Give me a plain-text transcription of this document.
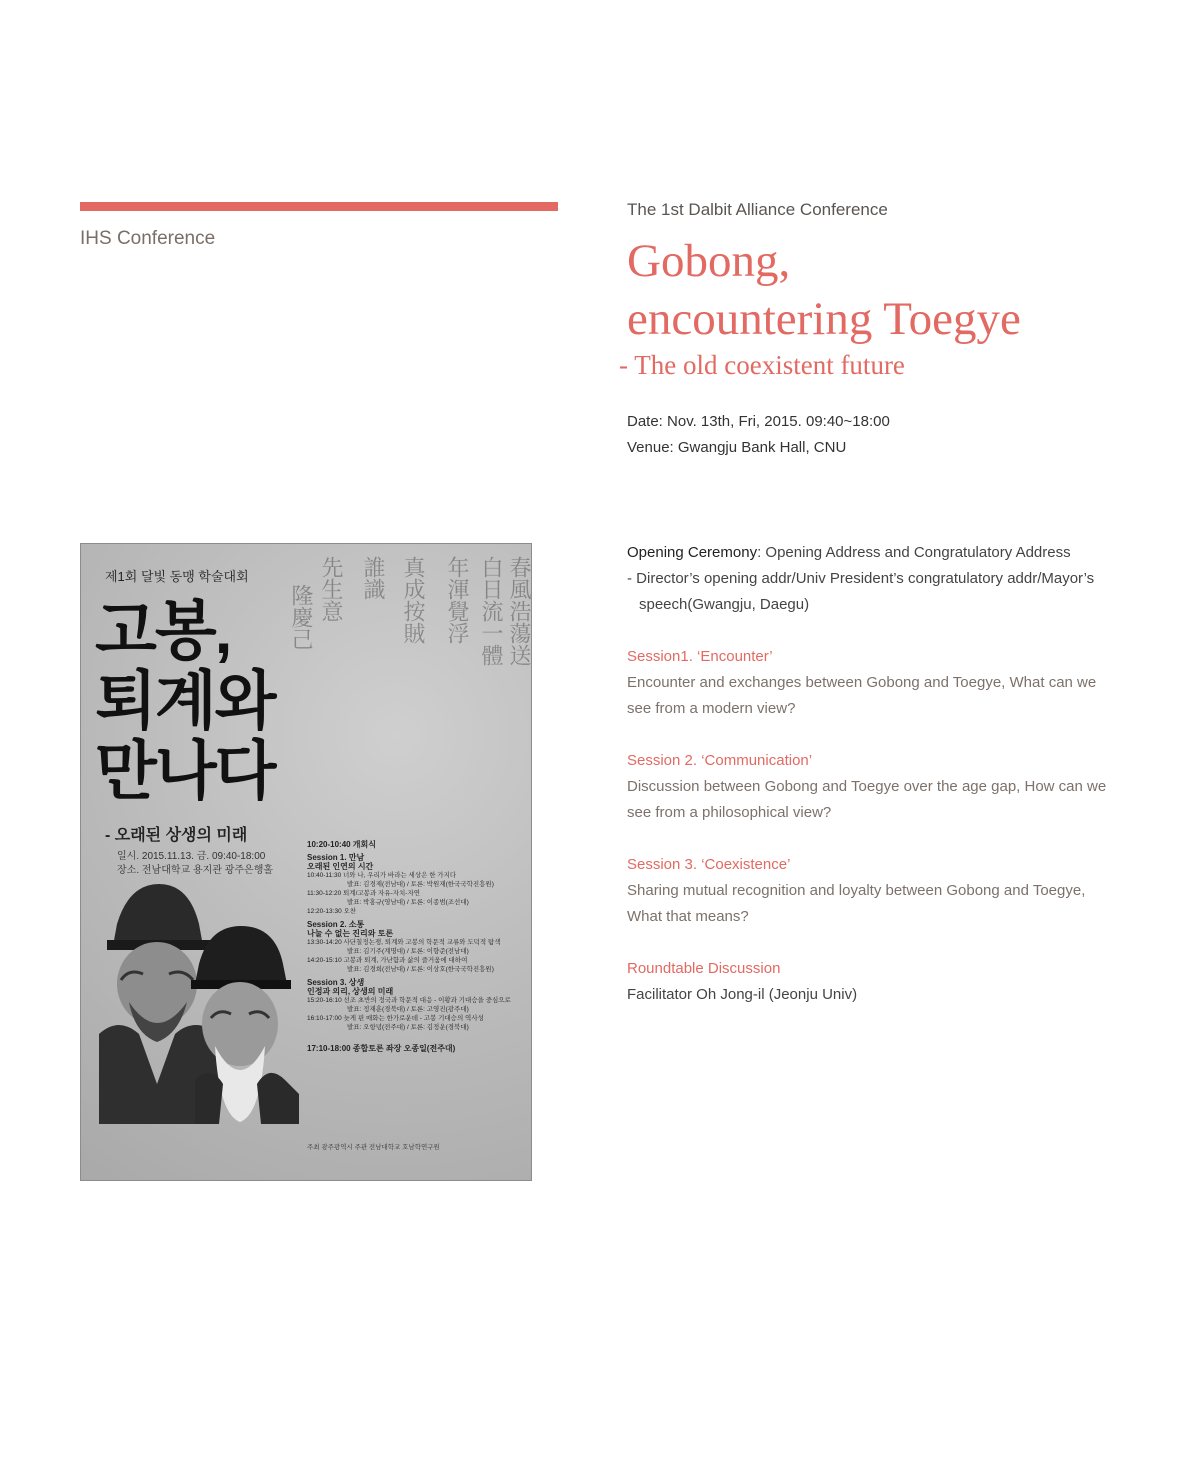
IHS Conference
The 1st Dalbit Alliance Conference
Gobong,
encountering Toegye
- The old coexistent future
Date: Nov. 13th, Fri, 2015. 09:40~18:00
Venue: Gwangju Bank Hall, CNU
Opening Ceremony: Opening Address and Congratulatory Address
- Director’s opening addr/Univ President’s congratulatory addr/Mayor’s speech(Gwangju, Daegu)
Session1. ‘Encounter’
Encounter and exchanges between Gobong and Toegye, What can we see from a modern view?
Session 2. ‘Communication’
Discussion between Gobong and Toegye over the age gap, How can we see from a philosophical view?
Session 3. ‘Coexistence’
Sharing mutual recognition and loyalty between Gobong and Toegye, What that means?
Roundtable Discussion
Facilitator Oh Jong-il (Jeonju Univ)
春風浩蕩送
白日流一體
年渾覺浮
真成按賊
誰識
先生意
隆慶己
제1회 달빛 동맹 학술대회
고봉,
퇴계와
만나다
- 오래된 상생의 미래
일시. 2015.11.13. 금. 09:40-18:00
장소. 전남대학교 용지관 광주은행홀
10:20-10:40 개회식
Session 1. 만남
오래된 인연의 시간
10:40-11:30 너와 나, 우리가 바라는 세상은 한 가지다
발표: 김경제(전남대) / 토론: 박원재(한국국학진흥원)
11:30-12:20 퇴계/고봉과 자유-자치-자연
발표: 박홍규(영남대) / 토론: 이종범(조선대)
12:20-13:30 오찬
Session 2. 소통
나눌 수 없는 진리와 토론
13:30-14:20 사단칠정논쟁, 퇴계와 고봉의 학문적 교류와 도덕적 탐색
발표: 김기주(계명대) / 토론: 이향준(전남대)
14:20-15:10 고봉과 퇴계, 가난함과 삶의 즐거움에 대하여
발표: 김경희(전남대) / 토론: 이상호(한국국학진흥원)
Session 3. 상생
인정과 의리, 상생의 미래
15:20-16:10 선조 초반의 정국과 학문적 대응 - 이황과 기대승을 중심으로
발표: 정재훈(경북대) / 토론: 고영진(광주대)
16:10-17:00 늦게 핀 매화는 한가로운데 - 고봉 기대승의 역사성
발표: 오항녕(전주대) / 토론: 김정운(경북대)
17:10-18:00 종합토론 좌장 오종일(전주대)
주최 광주광역시 주관 전남대학교 호남학연구원
